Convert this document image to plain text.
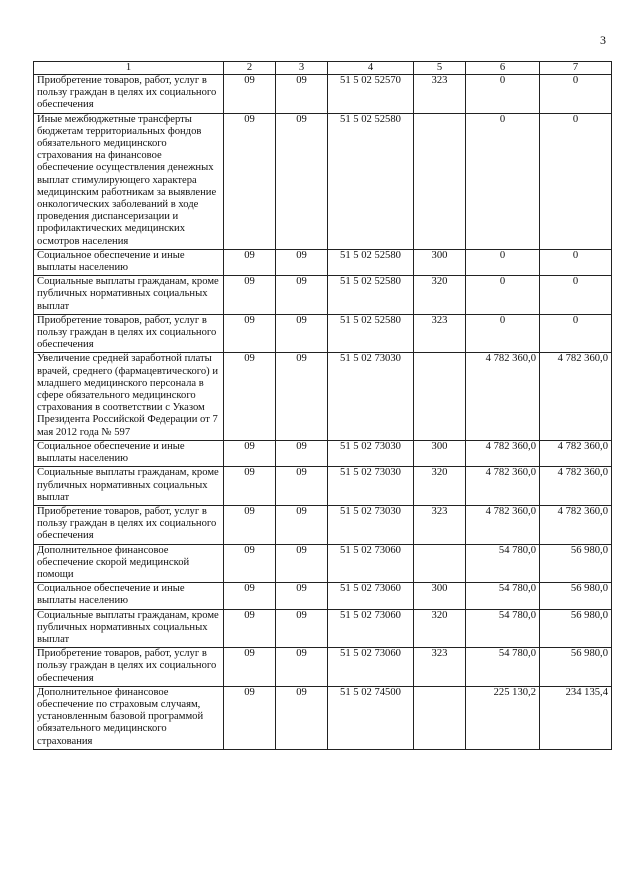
3
1	2	3	4	5	6	7
Приобретение товаров, работ, услуг в пользу граждан в целях их социального обеспечения	09	09	51 5 02 52570	323	0	0
Иные межбюджетные трансферты бюджетам территориальных фондов обязательного медицинского страхования на финансовое обеспечение осуществления денежных выплат стимулирующего характера медицинским работникам за выявление онкологических заболеваний в ходе проведения диспансеризации и профилактических медицинских осмотров населения	09	09	51 5 02 52580		0	0
Социальное обеспечение и иные выплаты населению	09	09	51 5 02 52580	300	0	0
Социальные выплаты гражданам, кроме публичных нормативных социальных выплат	09	09	51 5 02 52580	320	0	0
Приобретение товаров, работ, услуг в пользу граждан в целях их социального обеспечения	09	09	51 5 02 52580	323	0	0
Увеличение средней заработной платы врачей, среднего (фармацевтического) и младшего медицинского персонала в сфере обязательного медицинского страхования в соответствии с Указом Президента Российской Федерации от 7 мая 2012 года № 597	09	09	51 5 02 73030		4 782 360,0	4 782 360,0
Социальное обеспечение и иные выплаты населению	09	09	51 5 02 73030	300	4 782 360,0	4 782 360,0
Социальные выплаты гражданам, кроме публичных нормативных социальных выплат	09	09	51 5 02 73030	320	4 782 360,0	4 782 360,0
Приобретение товаров, работ, услуг в пользу граждан в целях их социального обеспечения	09	09	51 5 02 73030	323	4 782 360,0	4 782 360,0
Дополнительное финансовое обеспечение скорой медицинской помощи	09	09	51 5 02 73060		54 780,0	56 980,0
Социальное обеспечение и иные выплаты населению	09	09	51 5 02 73060	300	54 780,0	56 980,0
Социальные выплаты гражданам, кроме публичных нормативных социальных выплат	09	09	51 5 02 73060	320	54 780,0	56 980,0
Приобретение товаров, работ, услуг в пользу граждан в целях их социального обеспечения	09	09	51 5 02 73060	323	54 780,0	56 980,0
Дополнительное финансовое обеспечение по страховым случаям, установленным базовой программой обязательного медицинского страхования	09	09	51 5 02 74500		225 130,2	234 135,4
